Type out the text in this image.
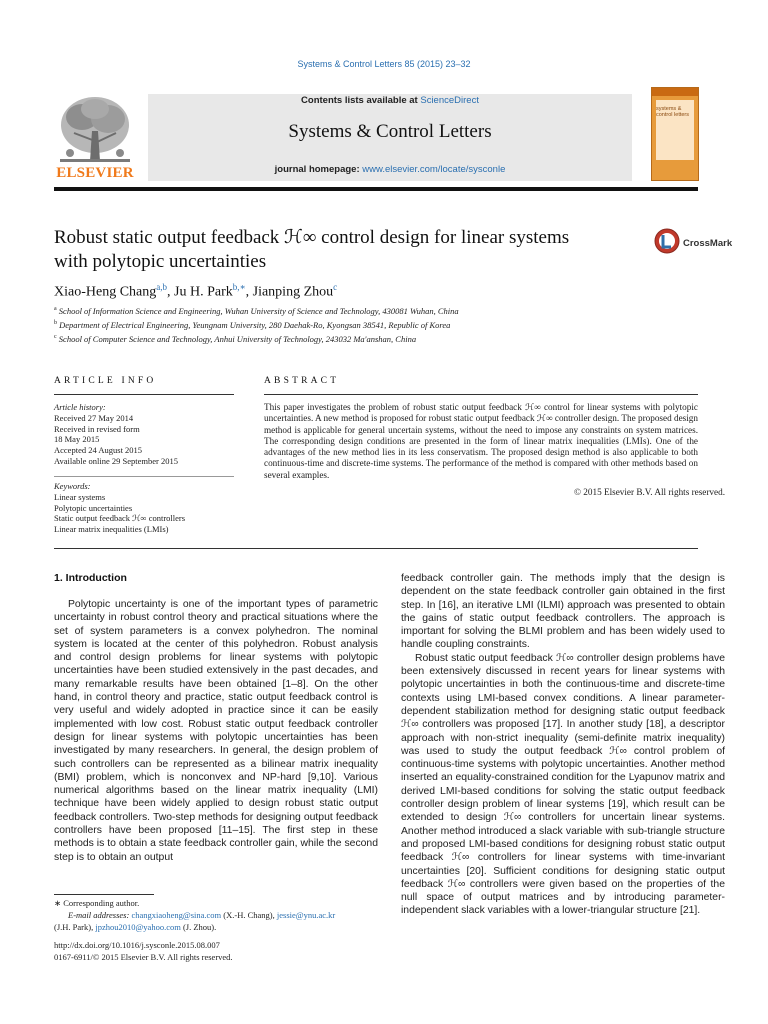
Systems & Control Letters 85 (2015) 23–32
ELSEVIER
Contents lists available at ScienceDirect
Systems & Control Letters
journal homepage: www.elsevier.com/locate/sysconle
systems & control letters
Robust static output feedback ℋ∞ control design for linear systems
with polytopic uncertainties
CrossMark
Xiao-Heng Chang$^{a,b}$, Ju H. Park$^{b,∗}$, Jianping Zhou$^c$
$^a$ School of Information Science and Engineering, Wuhan University of Science and Technology, 430081 Wuhan, China
$^b$ Department of Electrical Engineering, Yeungnam University, 280 Daehak-Ro, Kyongsan 38541, Republic of Korea
$^c$ School of Computer Science and Technology, Anhui University of Technology, 243032 Ma'anshan, China
ARTICLE INFO
Article history:
Received 27 May 2014
Received in revised form
18 May 2015
Accepted 24 August 2015
Available online 29 September 2015
Keywords:
Linear systems
Polytopic uncertainties
Static output feedback ℋ∞ controllers
Linear matrix inequalities (LMIs)
ABSTRACT
This paper investigates the problem of robust static output feedback ℋ∞ control for linear systems with polytopic uncertainties. A new method is proposed for robust static output feedback ℋ∞ controller design. The proposed design method is applicable for general uncertain systems, without the need to impose any constraints on system matrices. The corresponding design conditions are presented in the form of linear matrix inequalities (LMIs). One of the advantages of the new method lies in its less conservatism. The proposed design method is also applicable to both continuous-time and discrete-time systems. The performance of the method is compared with other methods based on several examples.
© 2015 Elsevier B.V. All rights reserved.
1. Introduction

Polytopic uncertainty is one of the important types of parametric uncertainty in robust control theory and practical situations where the set of system parameters is a convex polyhedron. The nominal system is located at the center of this polyhedron. Robust analysis and control design problems for linear systems with polytopic uncertainties have been studied extensively in the past decades, and many remarkable results have been obtained [1–8]. On the other hand, in control theory and practice, static output feedback control is very useful and widely adopted in practice since it can be easily implemented with low cost. Robust static output feedback controller design for linear systems with polytopic uncertainties has been investigated by many researchers. In general, the design problem of such controllers can be represented as a bilinear matrix inequality (BMI) problem, which is nonconvex and NP-hard [9,10]. Various numerical algorithms based on the linear matrix inequality (LMI) technique have been widely applied to design robust static output feedback controllers. Two-step methods for designing output feedback controllers have been proposed [11–15]. The first step in these methods is to obtain a state feedback controller gain, while the second step is to obtain an output

feedback controller gain. The methods imply that the design is dependent on the state feedback controller gain obtained in the first step. In [16], an iterative LMI (ILMI) approach was presented to obtain the gains of static output feedback controllers. The approach is important for solving the BLMI problem and has been widely used to handle coupling constraints.

Robust static output feedback ℋ∞ controller design problems have been extensively discussed in recent years for linear systems with polytopic uncertainties in both the continuous-time and discrete-time contexts using LMI-based convex conditions. A linear parameter-dependent stabilization method for designing static output feedback ℋ∞ controllers was proposed [17]. In another study [18], a descriptor approach with non-strict inequality (semi-definite matrix inequality) was used to study the output feedback ℋ∞ control problem of continuous-time systems with polytopic uncertainties. Another method inserted an equality-constrained condition for the Lyapunov matrix and derived LMI-based conditions for solving the static output feedback controller design problem of linear systems [19], which result can be extended to design ℋ∞ controllers for uncertain linear systems. Another method introduced a slack variable with sub-triangle structure and proposed LMI-based conditions for designing robust static output feedback ℋ∞ controllers for linear systems with time-invariant uncertainties [20]. Sufficient conditions for designing static output feedback ℋ∞ controllers were given based on the properties of the null space of output matrices and by introducing parameter-independent slack variables with a lower-triangular structure [21].

∗ Corresponding author.
E-mail addresses: changxiaoheng@sina.com (X.-H. Chang), jessie@ynu.ac.kr
(J.H. Park), jpzhou2010@yahoo.com (J. Zhou).
http://dx.doi.org/10.1016/j.sysconle.2015.08.007
0167-6911/© 2015 Elsevier B.V. All rights reserved.
